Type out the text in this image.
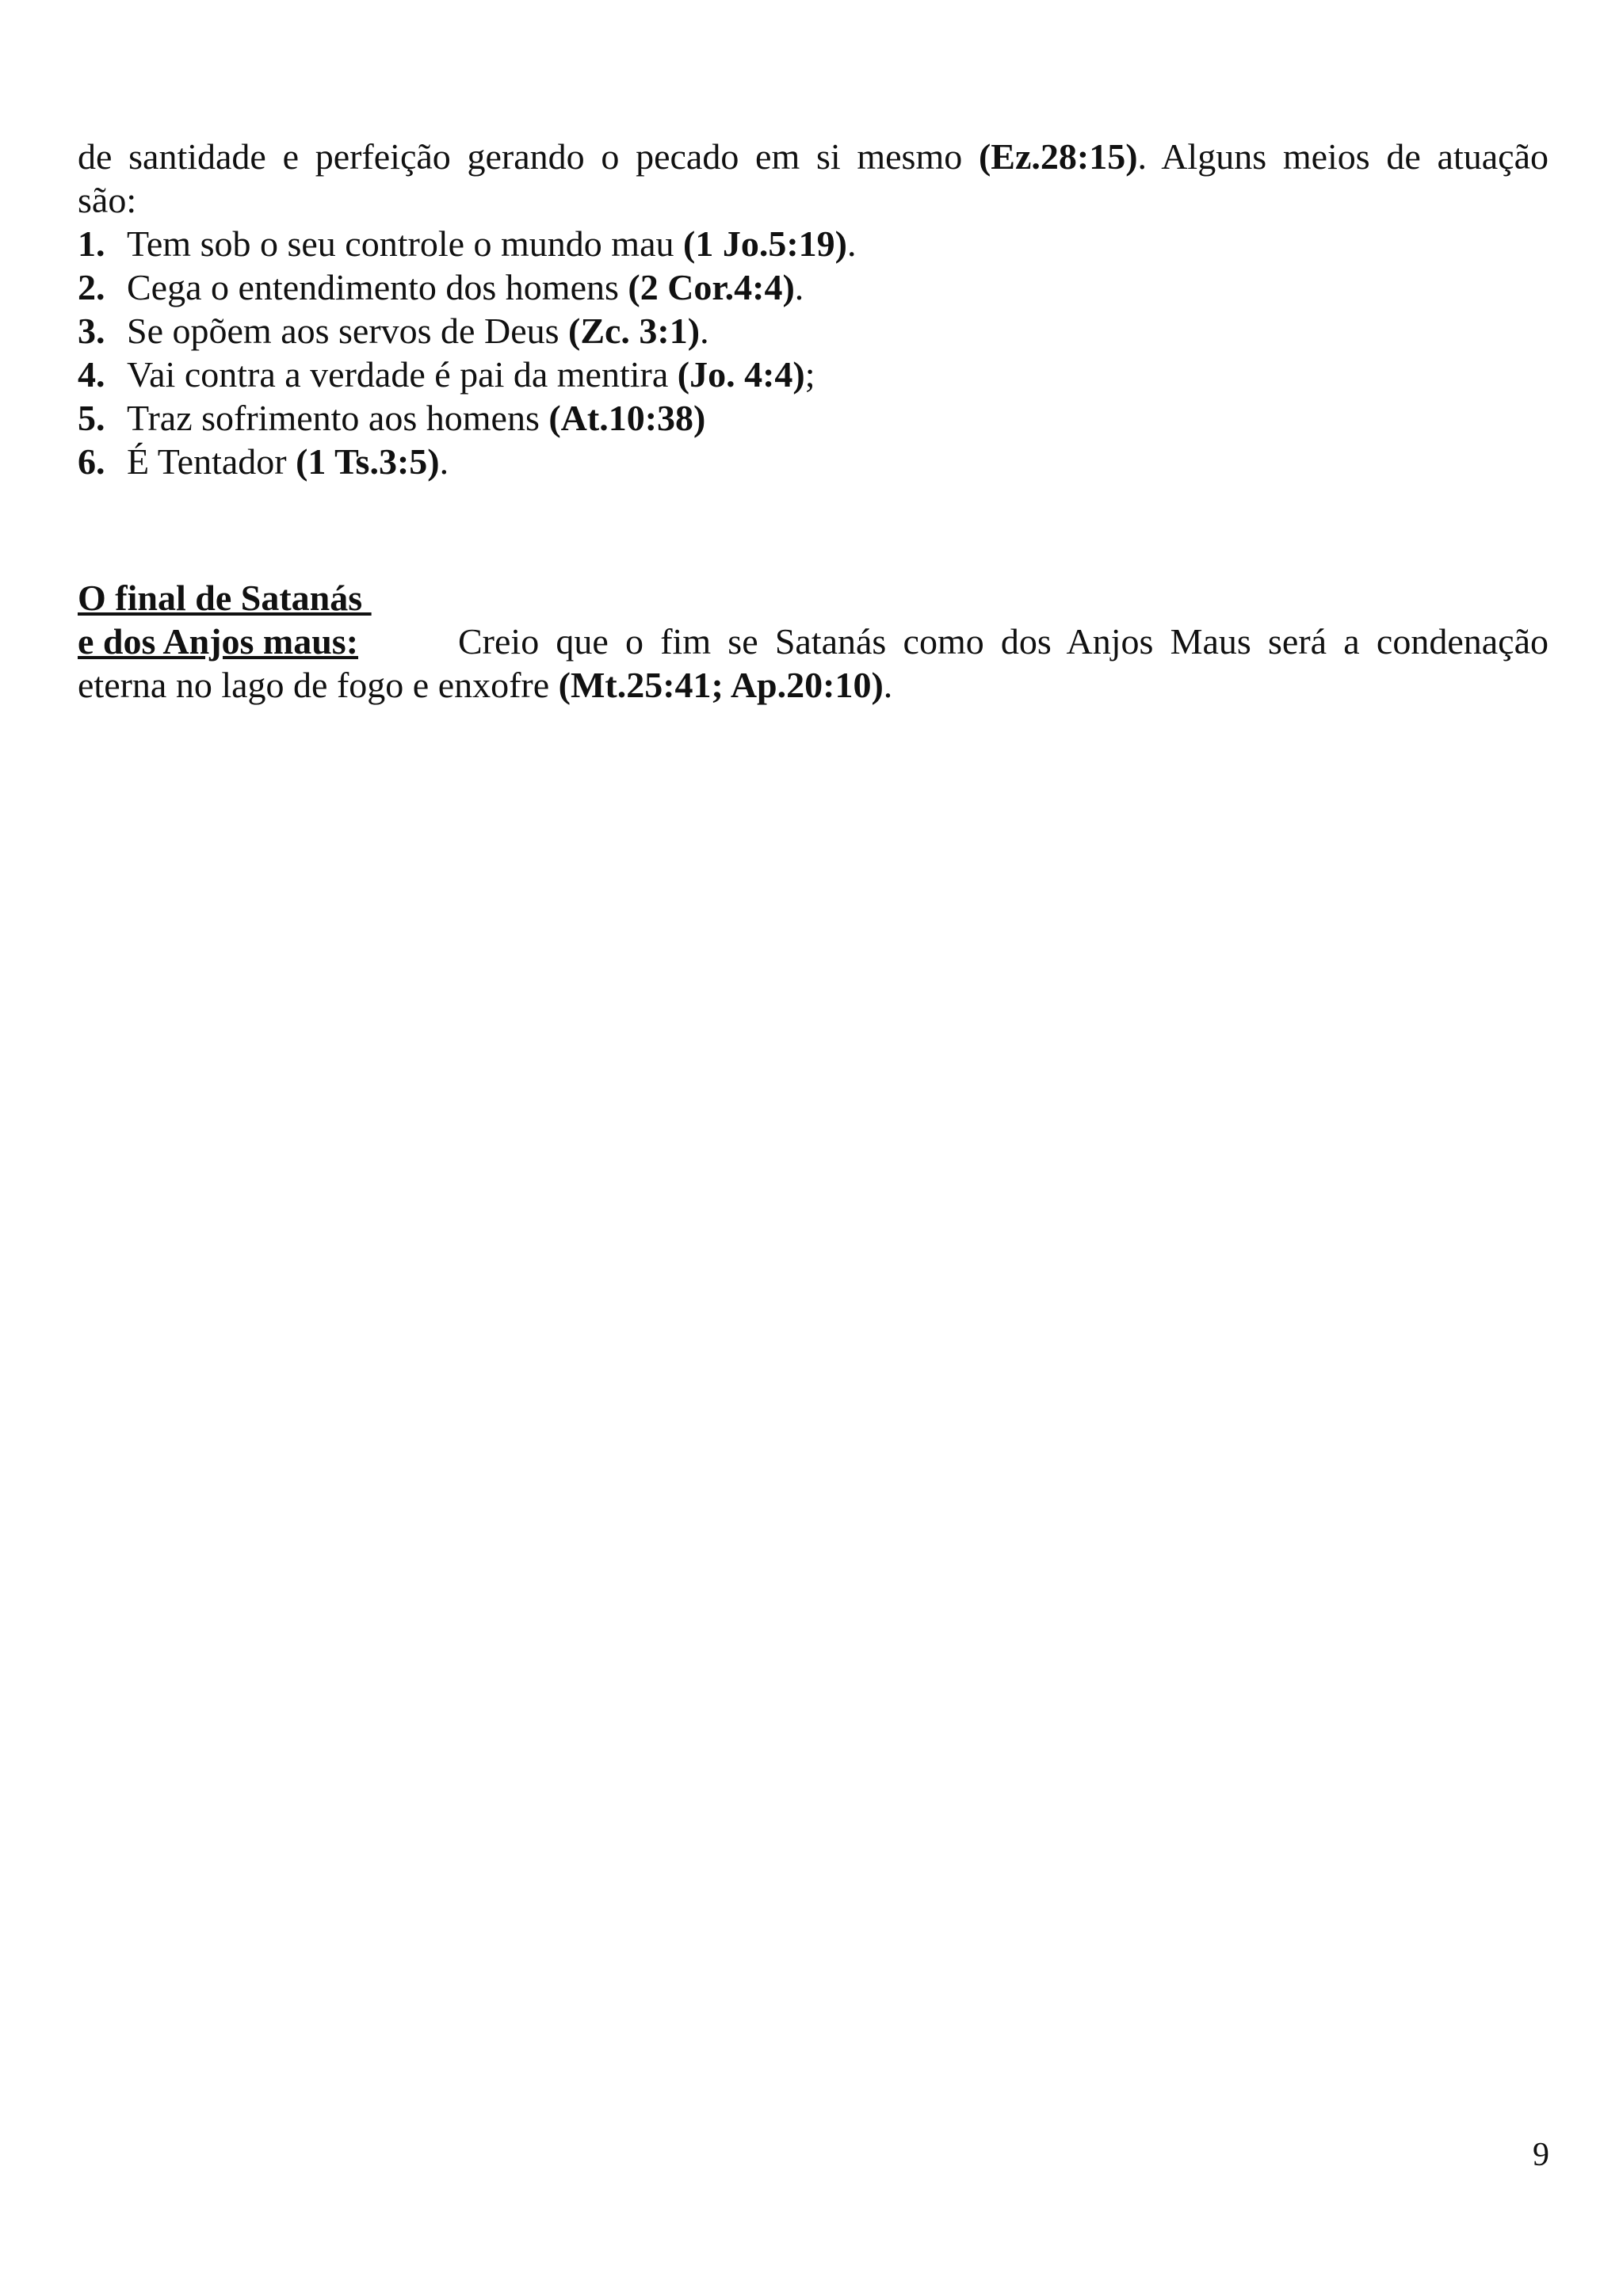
de santidade e perfeição gerando o pecado em si mesmo (Ez.28:15). Alguns meios de atuação
são:
1. Tem sob o seu controle o mundo mau (1 Jo.5:19).
2. Cega o entendimento dos homens (2 Cor.4:4).
3. Se opõem aos servos de Deus (Zc. 3:1).
4. Vai contra a verdade é pai da mentira (Jo. 4:4);
5. Traz sofrimento aos homens (At.10:38)
6. É Tentador (1 Ts.3:5).
O final de Satanás
e dos Anjos maus:	Creio que o fim se Satanás como dos Anjos Maus será a condenação
eterna no lago de fogo e enxofre (Mt.25:41; Ap.20:10).
9
